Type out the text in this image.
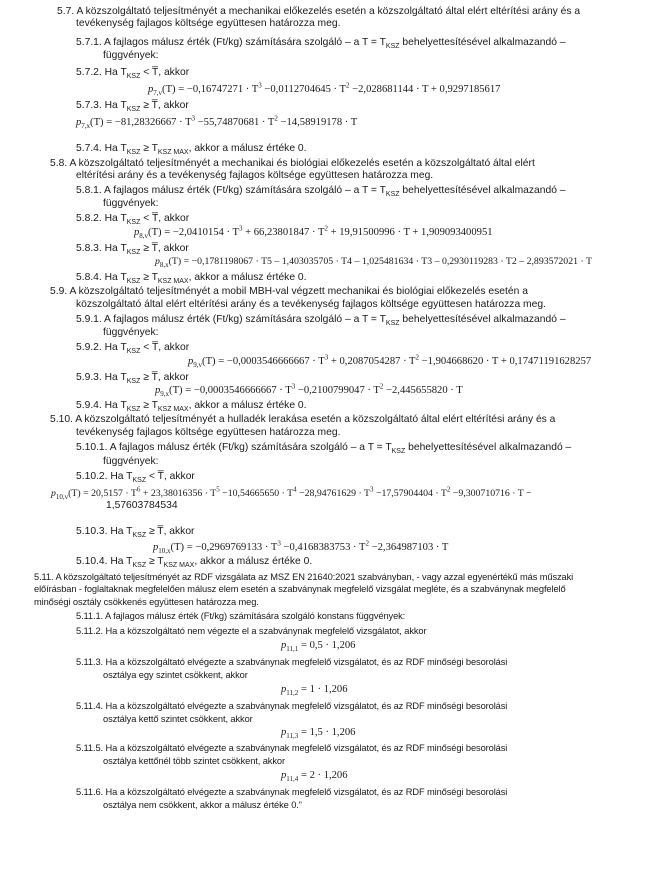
5.7. A közszolgáltató teljesítményét a mechanikai előkezelés esetén a közszolgáltató által elért eltérítési arány és a
tevékenység fajlagos költsége együttesen határozza meg.
5.7.1. A fajlagos málusz érték (Ft/kg) számítására szolgáló – a $T = T_{KSZ}$ behelyettesítésével alkalmazandó –
függvények:
5.7.2. Ha $T_{KSZ}$ < T̅, akkor
$p_{7,v}(T) = -0,16747271 \cdot T^3 -0,0112704645 \cdot T^2 -2,028681144 \cdot T + 0,9297185617$
5.7.3. Ha $T_{KSZ}$ ≥ T̅, akkor
$p_{7,x}(T) = -81,28326667 \cdot T^3 -55,74870681 \cdot T^2 -14,58919178 \cdot T$
5.7.4. Ha $T_{KSZ} \ge T_{KSZ MAX}$, akkor a málusz értéke 0.
5.8. A közszolgáltató teljesítményét a mechanikai és biológiai előkezelés esetén a közszolgáltató által elért
eltérítési arány és a tevékenység fajlagos költsége együttesen határozza meg.
5.8.1. A fajlagos málusz érték (Ft/kg) számítására szolgáló – a $T = T_{KSZ}$ behelyettesítésével alkalmazandó –
függvények:
5.8.2. Ha $T_{KSZ}$ < T̅, akkor
$p_{8,v}(T) = -2,0410154 \cdot T^3 + 66,23801847 \cdot T^2 + 19,91500996 \cdot T + 1,909093400951$
5.8.3. Ha $T_{KSZ}$ ≥ T̅, akkor
$p_{8,x}(T) = -0,1781198067 \cdot T5 - 1,403035705 \cdot T4 - 1,025481634 \cdot T3 - 0,2930119283 \cdot T2 - 2,893572021 \cdot T$
5.8.4. Ha $T_{KSZ} \ge T_{KSZ MAX}$, akkor a málusz értéke 0.
5.9. A közszolgáltató teljesítményét a mobil MBH-val végzett mechanikai és biológiai előkezelés esetén a
közszolgáltató által elért eltérítési arány és a tevékenység fajlagos költsége együttesen határozza meg.
5.9.1. A fajlagos málusz érték (Ft/kg) számítására szolgáló – a $T = T_{KSZ}$ behelyettesítésével alkalmazandó –
függvények:
5.9.2. Ha $T_{KSZ}$ < T̅, akkor
$p_{9,v}(T) = -0,0003546666667 \cdot T^3 + 0,2087054287 \cdot T^2 -1,904668620 \cdot T + 0,17471191628257$
5.9.3. Ha $T_{KSZ}$ ≥ T̅, akkor
$p_{9,x}(T) = -0,0003546666667 \cdot T^3 -0,2100799047 \cdot T^2 -2,445655820 \cdot T$
5.9.4. Ha $T_{KSZ} \ge T_{KSZ MAX}$, akkor a málusz értéke 0.
5.10. A közszolgáltató teljesítményét a hulladék lerakása esetén a közszolgáltató által elért eltérítési arány és a
tevékenység fajlagos költsége együttesen határozza meg.
5.10.1. A fajlagos málusz érték (Ft/kg) számítására szolgáló – a $T = T_{KSZ}$ behelyettesítésével alkalmazandó –
függvények:
5.10.2. Ha $T_{KSZ}$ < T̅, akkor
$p_{10,v}(T) = 20,5157 \cdot T^6 + 23,38016356 \cdot T^5 -10,54665650 \cdot T^4 -28,94761629 \cdot T^3 -17,57904404 \cdot T^2 -9,300710716 \cdot T$ −
1,57603784534
5.10.3. Ha $T_{KSZ}$ ≥ T̅, akkor
$p_{10,x}(T) = -0,2969769133 \cdot T^3 -0,4168383753 \cdot T^2 -2,364987103 \cdot T$
5.10.4. Ha $T_{KSZ} \ge T_{KSZ MAX}$, akkor a málusz értéke 0.
5.11. A közszolgáltató teljesítményét az RDF vizsgálata az MSZ EN 21640:2021 szabványban, - vagy azzal egyenértékű más műszaki
előírásban - foglaltaknak megfelelően málusz elem esetén a szabványnak megfelelő vizsgálat megléte, és a szabványnak megfelelő
minőségi osztály csökkenés együttesen határozza meg.
5.11.1. A fajlagos málusz érték (Ft/kg) számítására szolgáló konstans függvények:
5.11.2. Ha a közszolgáltató nem végezte el a szabványnak megfelelő vizsgálatot, akkor
$p_{11,1} = 0,5 \cdot 1,206$
5.11.3. Ha a közszolgáltató elvégezte a szabványnak megfelelő vizsgálatot, és az RDF minőségi besorolási
osztálya egy szintet csökkent, akkor
$p_{11,2} = 1 \cdot 1,206$
5.11.4. Ha a közszolgáltató elvégezte a szabványnak megfelelő vizsgálatot, és az RDF minőségi besorolási
osztálya kettő szintet csökkent, akkor
$p_{11,3} = 1,5 \cdot 1,206$
5.11.5. Ha a közszolgáltató elvégezte a szabványnak megfelelő vizsgálatot, és az RDF minőségi besorolási
osztálya kettőnél több szintet csökkent, akkor
$p_{11,4} = 2 \cdot 1,206$
5.11.6. Ha a közszolgáltató elvégezte a szabványnak megfelelő vizsgálatot, és az RDF minőségi besorolási
osztálya nem csökkent, akkor a málusz értéke 0.”
